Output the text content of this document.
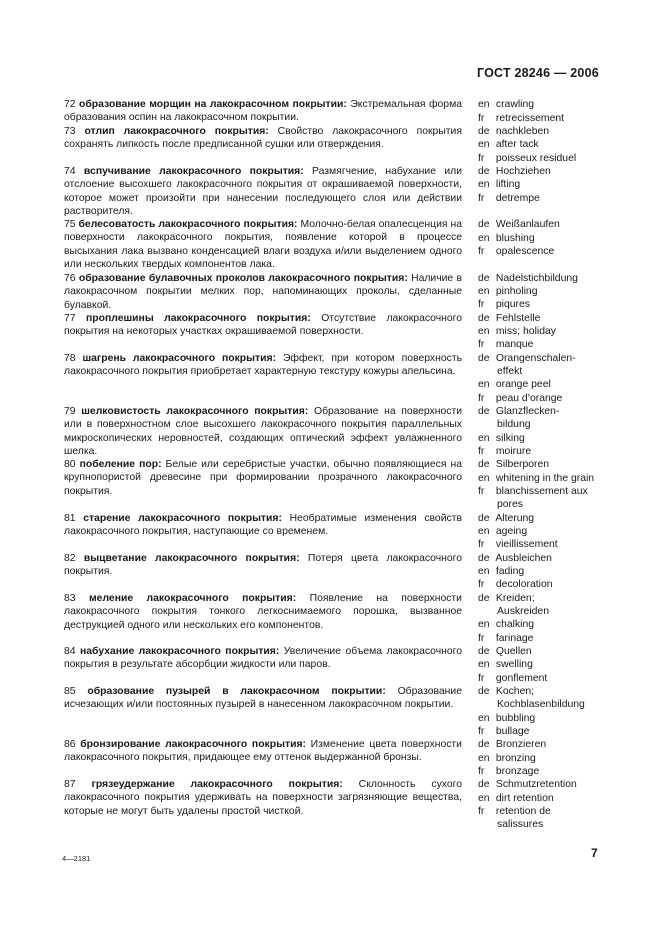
ГОСТ 28246 — 2006
72 образование морщин на лакокрасочном покрытии: Экстремальная форма образования оспин на лакокрасочном покрытии.
73 отлип лакокрасочного покрытия: Свойство лакокрасочного покрытия сохранять липкость после предписанной сушки или отверждения.
74 вспучивание лакокрасочного покрытия: Размягчение, набухание или отслоение высохшего лакокрасочного покрытия от окрашиваемой поверхности, которое может произойти при нанесении последующего слоя или действии растворителя.
75 белесоватость лакокрасочного покрытия: Молочно-белая опалесценция на поверхности лакокрасочного покрытия, появление которой в процессе высыхания лака вызвано конденсацией влаги воздуха и/или выделением одного или нескольких твердых компонентов лака.
76 образование булавочных проколов лакокрасочного покрытия: Наличие в лакокрасочном покрытии мелких пор, напоминающих проколы, сделанные булавкой.
77 проплешины лакокрасочного покрытия: Отсутствие лакокрасочного покрытия на некоторых участках окрашиваемой поверхности.
78 шагрень лакокрасочного покрытия: Эффект, при котором поверхность лакокрасочного покрытия приобретает характерную текстуру кожуры апельсина.
79 шелковистость лакокрасочного покрытия: Образование на поверхности или в поверхностном слое высохшего лакокрасочного покрытия параллельных микроскопических неровностей, создающих оптический эффект увлажненного шелка.
80 побеление пор: Белые или серебристые участки, обычно появляющиеся на крупнопористой древесине при формировании прозрачного лакокрасочного покрытия.
81 старение лакокрасочного покрытия: Необратимые изменения свойств лакокрасочного покрытия, наступающие со временем.
82 выцветание лакокрасочного покрытия: Потеря цвета лакокрасочного покрытия.
83 меление лакокрасочного покрытия: Появление на поверхности лакокрасочного покрытия тонкого легкоснимаемого порошка, вызванное деструкцией одного или нескольких его компонентов.
84 набухание лакокрасочного покрытия: Увеличение объема лакокрасочного покрытия в результате абсорбции жидкости или паров.
85 образование пузырей в лакокрасочном покрытии: Образование исчезающих и/или постоянных пузырей в нанесенном лакокрасочном покрытии.
86 бронзирование лакокрасочного покрытия: Изменение цвета поверхности лакокрасочного покрытия, придающее ему оттенок выдержанной бронзы.
87 грязеудержание лакокрасочного покрытия: Склонность сухого лакокрасочного покрытия удерживать на поверхности загрязняющие вещества, которые не могут быть удалены простой чисткой.
en crawling
fr retrecissement
de nachkleben
en after tack
fr poisseux residuel
de Hochziehen
en lifting
fr detrempe
de Weißanlaufen
en blushing
fr opalescence
de Nadelstichbildung
en pinholing
fr piqures
de Fehlstelle
en miss; holiday
fr manque
de Orangenschalen-
effekt
en orange peel
fr peau d’orange
de Glanzflecken-
bildung
en silking
fr moirure
de Silberporen
en whitening in the grain
fr blanchissement aux
pores
de Alterung
en ageing
fr vieillissement
de Ausbleichen
en fading
fr decoloration
de Kreiden;
Auskreiden
en chalking
fr farinage
de Quellen
en swelling
fr gonflement
de Kochen;
Kochblasenbildung
en bubbling
fr bullage
de Bronzieren
en bronzing
fr bronzage
de Schmutzretention
en dirt retention
fr retention de
salissures
4—2181	7
